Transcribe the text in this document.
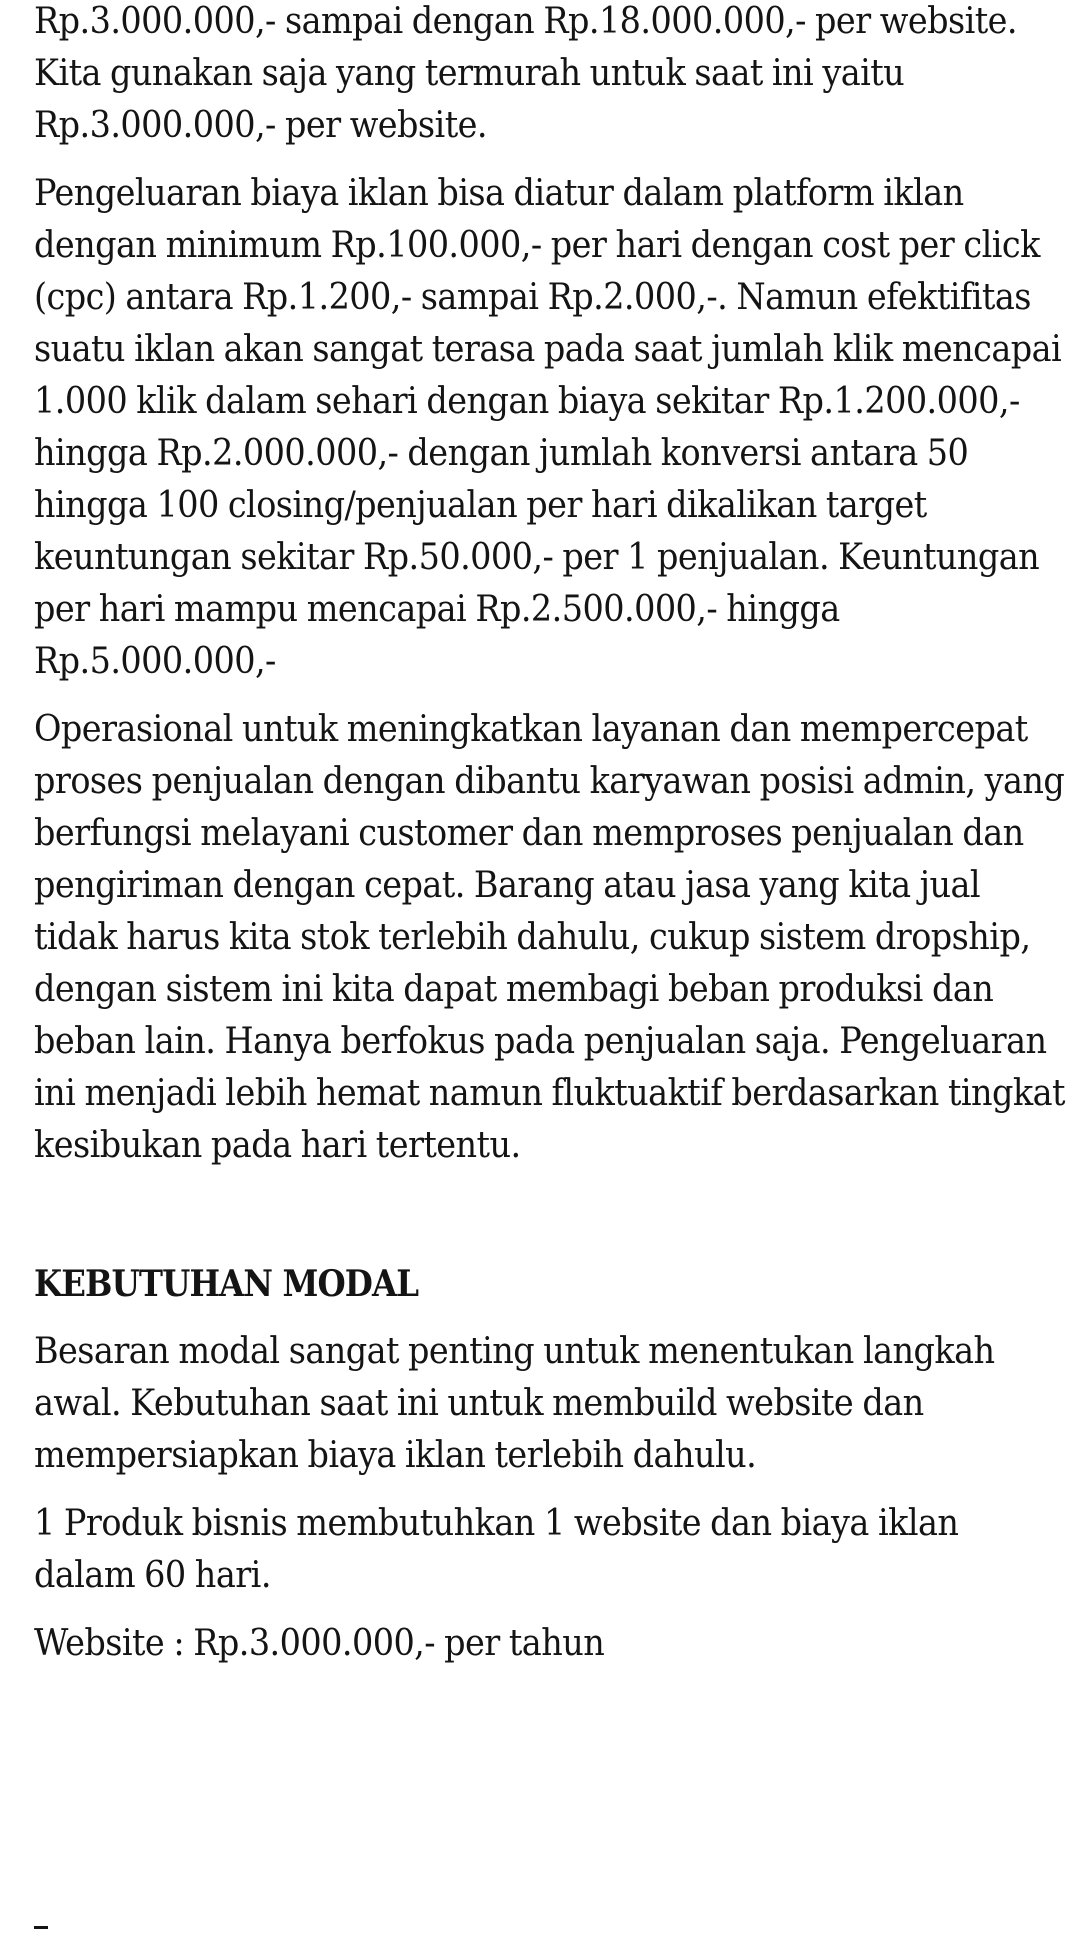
Rp.3.000.000,- sampai dengan Rp.18.000.000,- per website. Kita gunakan saja yang termurah untuk saat ini yaitu Rp.3.000.000,- per website.

Pengeluaran biaya iklan bisa diatur dalam platform iklan dengan minimum Rp.100.000,- per hari dengan cost per click (cpc) antara Rp.1.200,- sampai Rp.2.000,-. Namun efektifitas suatu iklan akan sangat terasa pada saat jumlah klik mencapai 1.000 klik dalam sehari dengan biaya sekitar Rp.1.200.000,- hingga Rp.2.000.000,- dengan jumlah konversi antara 50 hingga 100 closing/penjualan per hari dikalikan target keuntungan sekitar Rp.50.000,- per 1 penjualan. Keuntungan per hari mampu mencapai Rp.2.500.000,- hingga Rp.5.000.000,-

Operasional untuk meningkatkan layanan dan mempercepat proses penjualan dengan dibantu karyawan posisi admin, yang berfungsi melayani customer dan memproses penjualan dan pengiriman dengan cepat. Barang atau jasa yang kita jual tidak harus kita stok terlebih dahulu, cukup sistem dropship, dengan sistem ini kita dapat membagi beban produksi dan beban lain. Hanya berfokus pada penjualan saja. Pengeluaran ini menjadi lebih hemat namun fluktuaktif berdasarkan tingkat kesibukan pada hari tertentu.

KEBUTUHAN MODAL

Besaran modal sangat penting untuk menentukan langkah awal. Kebutuhan saat ini untuk membuild website dan mempersiapkan biaya iklan terlebih dahulu.

1 Produk bisnis membutuhkan 1 website dan biaya iklan dalam 60 hari.

Website : Rp.3.000.000,- per tahun
